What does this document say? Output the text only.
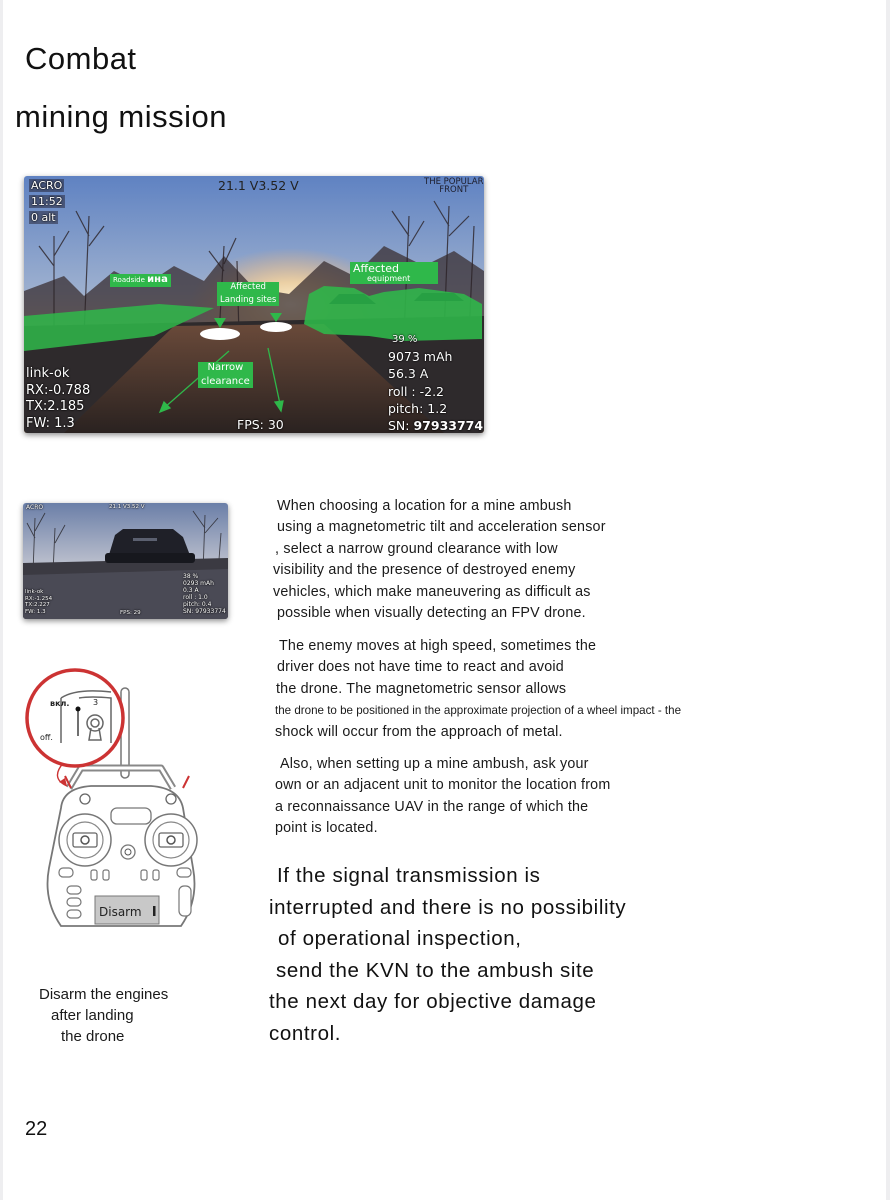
Combat
mining mission
ACRO
11:52
0 alt
21.1 V3.52 V	THE POPULAR
FRONT
Roadside ина
Affected
Landing sites
Affected
equipment
Narrow
clearance
link-ok
RX:-0.788
TX:2.185
FW: 1.3
39 %
9073 mAh
56.3 A
roll : -2.2
pitch: 1.2
SN: 97933774
FPS: 30
ACRO	21.1 V3.52 V
link-ok
RX:-1.254
TX:2.227
FW: 1.3
38 %
0293 mAh
0.3 A
roll : 1.0
pitch: 0.4
SN: 97933774
FPS: 29
When choosing a location for a mine ambush
using a magnetometric tilt and acceleration sensor
, select a narrow ground clearance with low
visibility and the presence of destroyed enemy
vehicles, which make maneuvering as difficult as
possible when visually detecting an FPV drone.
The enemy moves at high speed, sometimes the
driver does not have time to react and avoid
the drone. The magnetometric sensor allows
the drone to be positioned in the approximate projection of a wheel impact - the
shock will occur from the approach of metal.
Also, when setting up a mine ambush, ask your
own or an adjacent unit to monitor the location from
a reconnaissance UAV in the range of which the
point is located.
If the signal transmission is
interrupted and there is no possibility
of operational inspection,
send the KVN to the ambush site
the next day for objective damage
control.
Disarm
вкл.
off.
3
Disarm the engines
after landing
the drone
22
